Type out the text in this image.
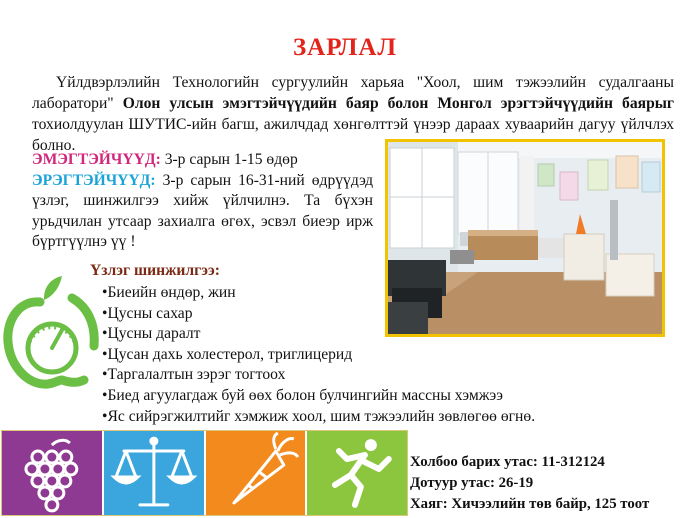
ЗАРЛАЛ

Үйлдвэрлэлийн Технологийн сургуулийн харьяа "Хоол, шим тэжээлийн судалгааны лаборатори" Олон улсын эмэгтэйчүүдийн баяр болон Монгол эрэгтэйчүүдийн баярыг тохиолдуулан ШУТИС-ийн багш, ажилчдад хөнгөлттэй үнээр дараах хуваарийн дагуу үйлчлэх болно.

ЭМЭГТЭЙЧҮҮД: 3-р сарын 1-15 өдөр

ЭРЭГТЭЙЧҮҮД: 3-р сарын 16-31-ний өдрүүдэд үзлэг, шинжилгээ хийж үйлчилнэ. Та бүхэн урьдчилан утсаар захиалга өгөх, эсвэл биеэр ирж бүртгүүлнэ үү !

Үзлэг шинжилгээ:
• Биеийн өндөр, жин
• Цусны сахар
• Цусны даралт
• Цусан дахь холестерол, триглицерид
• Таргалалтын зэрэг тогтоох
• Биед агуулагдаж буй өөх болон булчингийн массны хэмжээ
• Яс сийрэгжилтийг хэмжиж хоол, шим тэжээлийн зөвлөгөө өгнө.
Холбоо барих утас: 11-312124
Дотуур утас: 26-19
Хаяг: Хичээлийн төв байр, 125 тоот
